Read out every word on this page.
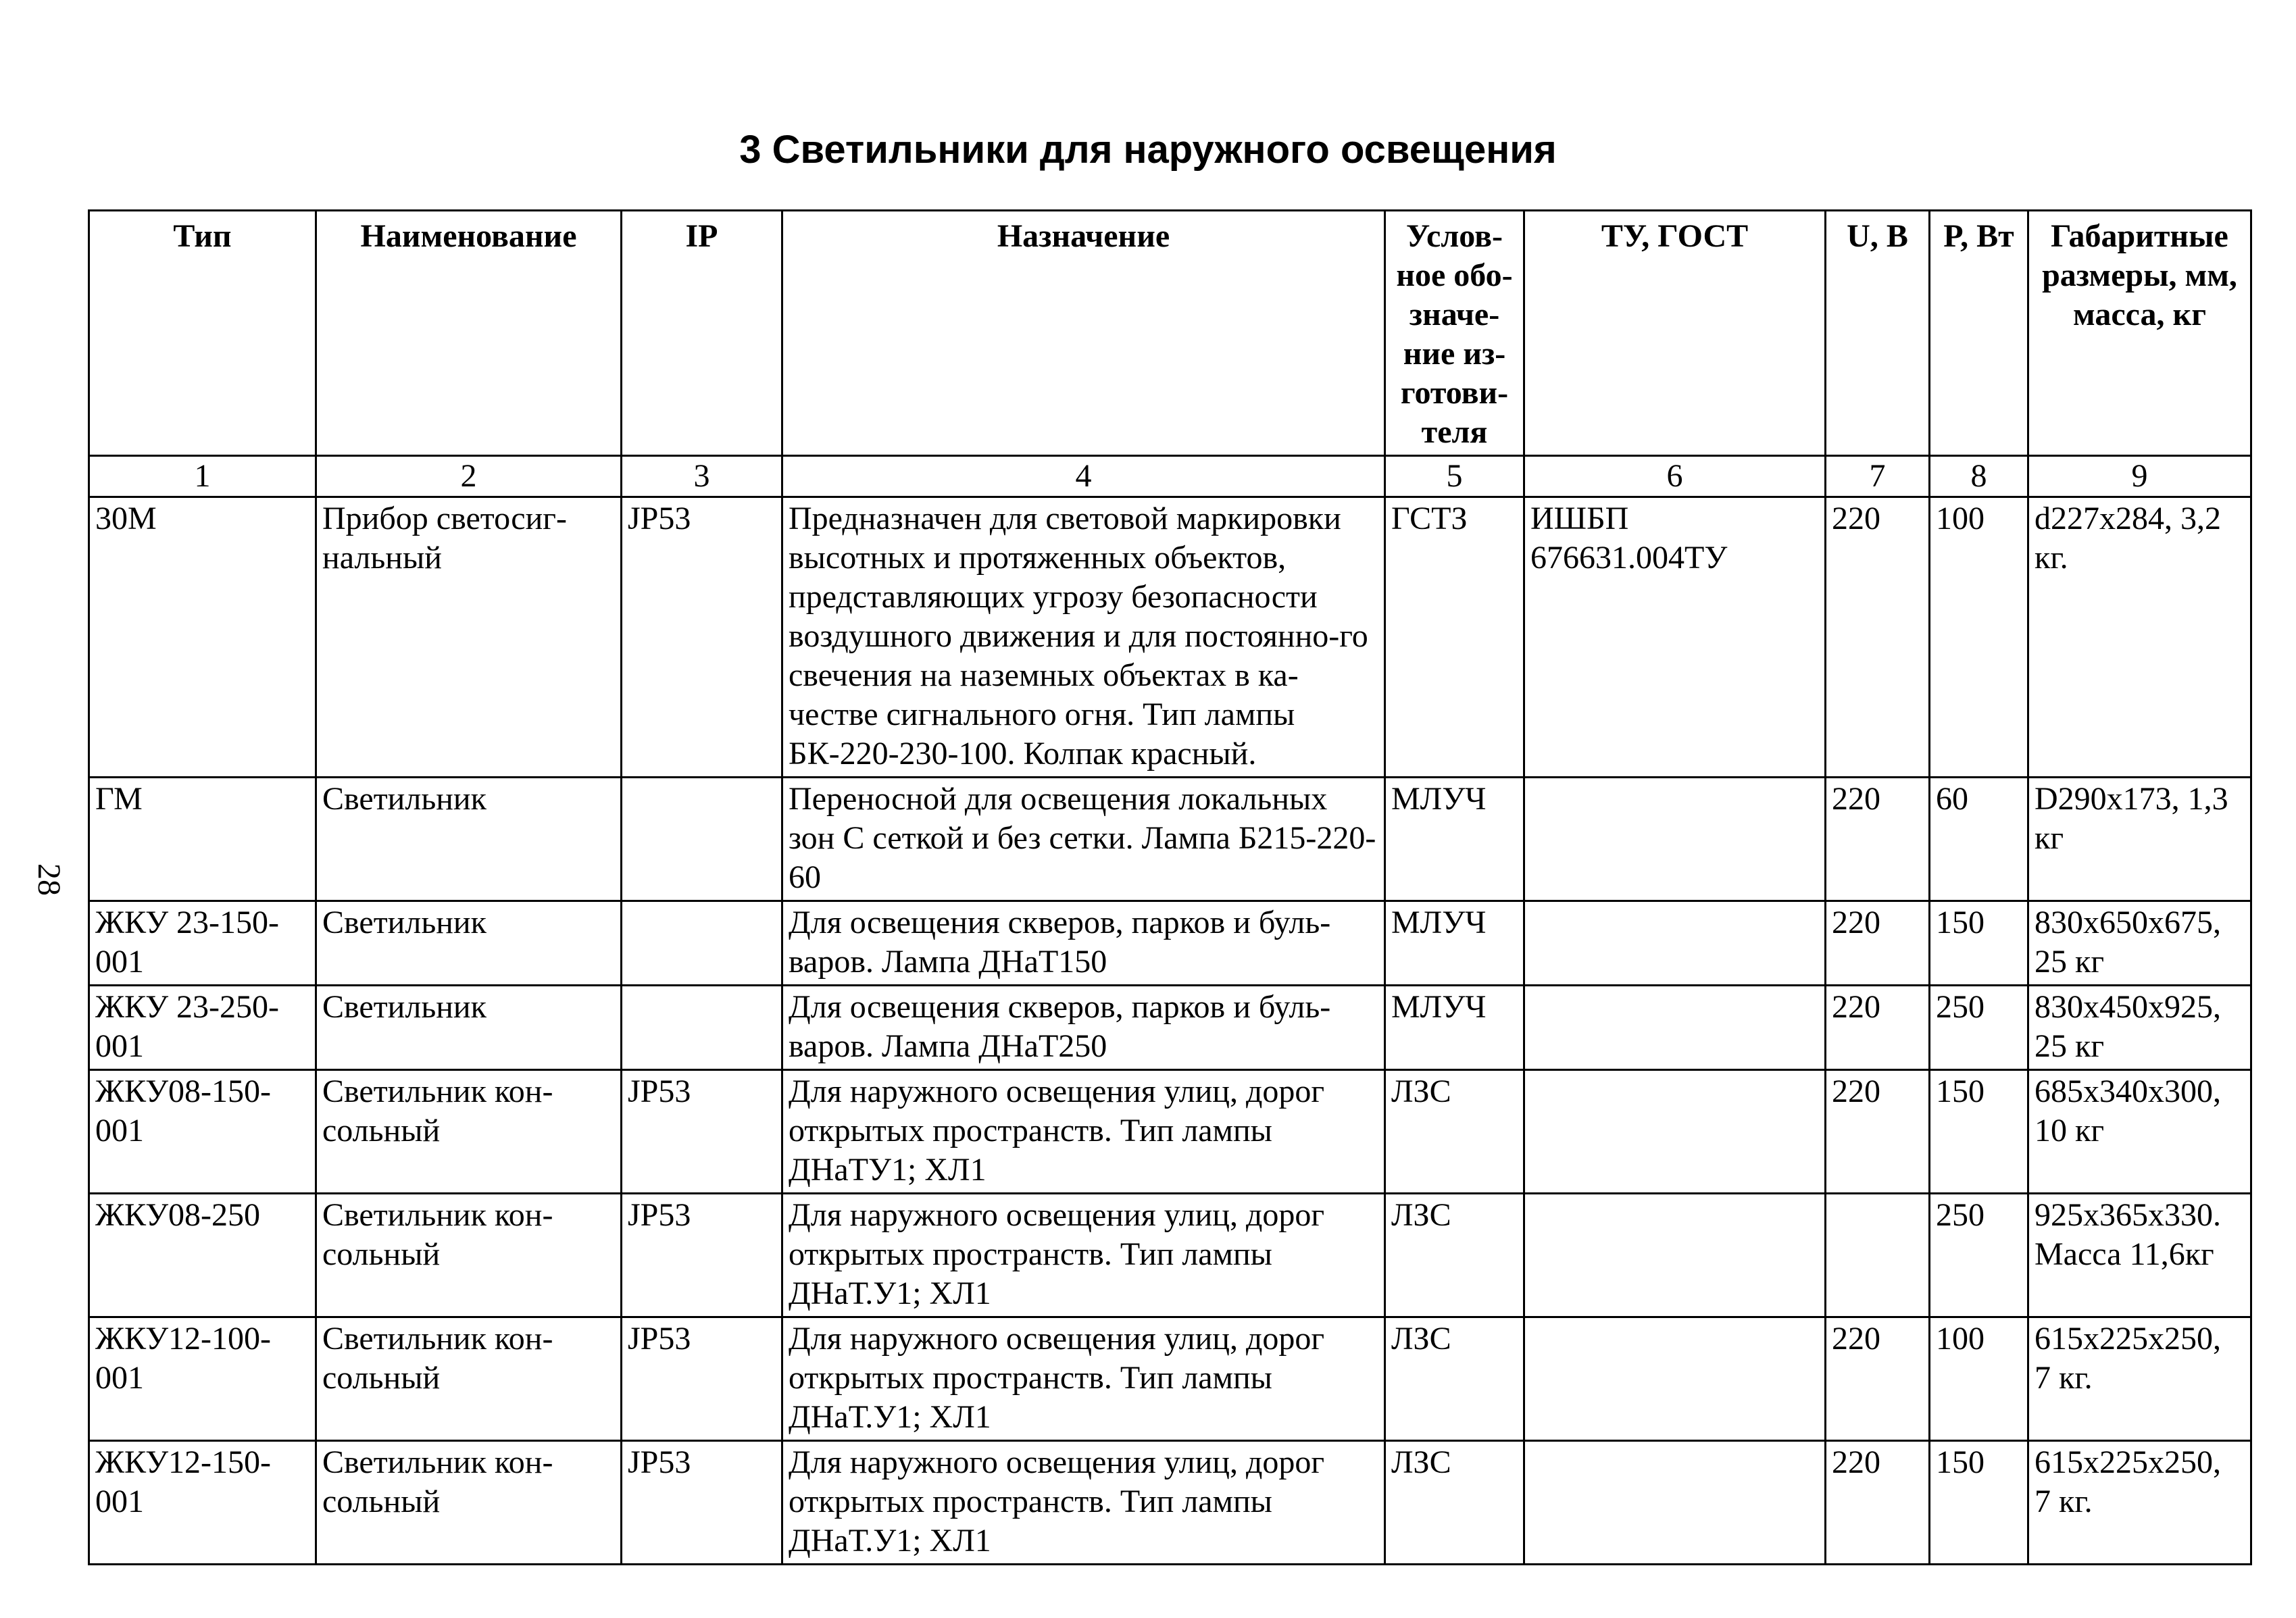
3 Светильники для наружного освещения
28
Тип	Наименование	IP	Назначение	Услов-ное обо-значе-ние из-готови-теля	ТУ, ГОСТ	U, В	P, Вт	Габаритные размеры, мм, масса, кг
1	2	3	4	5	6	7	8	9
30М	Прибор светосиг-нальный	JP53	Предназначен для световой маркировки высотных и протяженных объектов, представляющих угрозу безопасности воздушного движения и для постоянно-го свечения на наземных объектах в ка-честве сигнального огня. Тип лампы БК-220-230-100. Колпак красный.	ГСТЗ	ИШБП 676631.004ТУ	220	100	d227x284, 3,2 кг.
ГМ	Светильник		Переносной для освещения локальных зон С сеткой и без сетки. Лампа Б215-220-60	МЛУЧ		220	60	D290x173, 1,3 кг
ЖКУ 23-150-001	Светильник		Для освещения скверов, парков и буль-варов. Лампа ДНаТ150	МЛУЧ		220	150	830x650x675, 25 кг
ЖКУ 23-250-001	Светильник		Для освещения скверов, парков и буль-варов. Лампа ДНаТ250	МЛУЧ		220	250	830x450x925, 25 кг
ЖКУ08-150-001	Светильник кон-сольный	JP53	Для наружного освещения улиц, дорог открытых пространств. Тип лампы ДНаТУ1; ХЛ1	ЛЗС		220	150	685x340x300, 10 кг
ЖКУ08-250	Светильник кон-сольный	JP53	Для наружного освещения улиц, дорог открытых пространств. Тип лампы ДНаТ.У1; ХЛ1	ЛЗС			250	925x365x330. Масса 11,6кг
ЖКУ12-100-001	Светильник кон-сольный	JP53	Для наружного освещения улиц, дорог открытых пространств. Тип лампы ДНаТ.У1; ХЛ1	ЛЗС		220	100	615x225x250, 7 кг.
ЖКУ12-150-001	Светильник кон-сольный	JP53	Для наружного освещения улиц, дорог открытых пространств. Тип лампы ДНаТ.У1; ХЛ1	ЛЗС		220	150	615x225x250, 7 кг.
